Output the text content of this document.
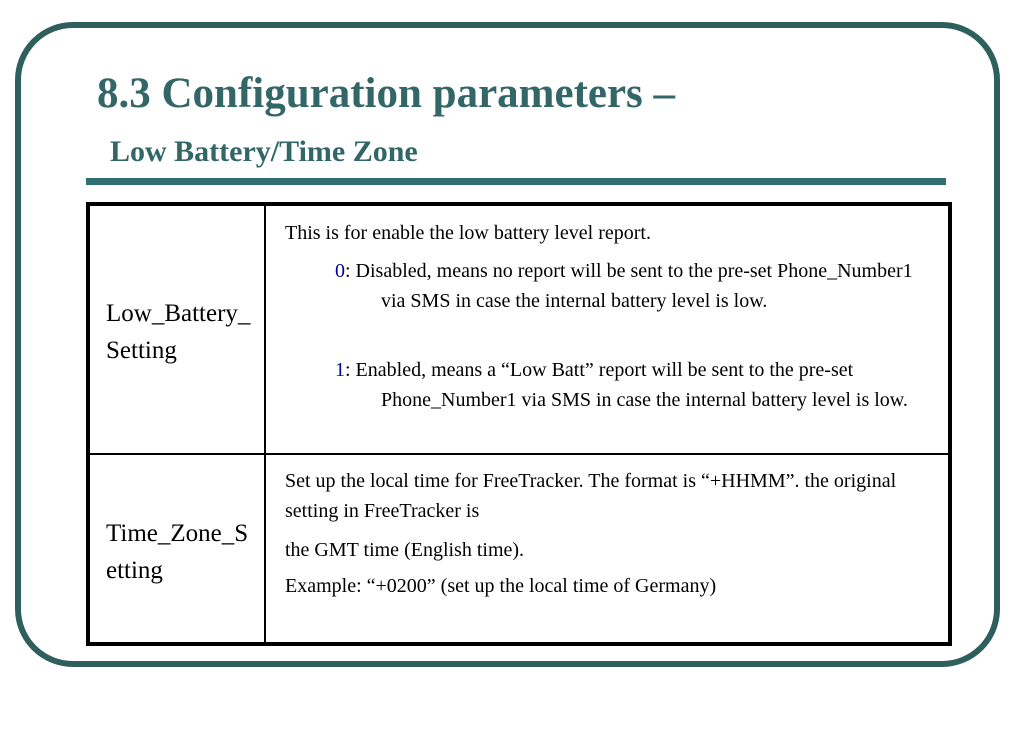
8.3 Configuration parameters –
Low Battery/Time Zone
Low_Battery_Setting

This is for enable the low battery level report.

0: Disabled, means no report will be sent to the pre-set Phone_Number1 via SMS in case the internal battery level is low.

1: Enabled, means a “Low Batt” report will be sent to the pre-set Phone_Number1 via SMS in case the internal battery level is low.

Time_Zone_Setting

Set up the local time for FreeTracker. The format is “+HHMM”. the original setting in FreeTracker is

the GMT time (English time).

Example: “+0200” (set up the local time of Germany)
